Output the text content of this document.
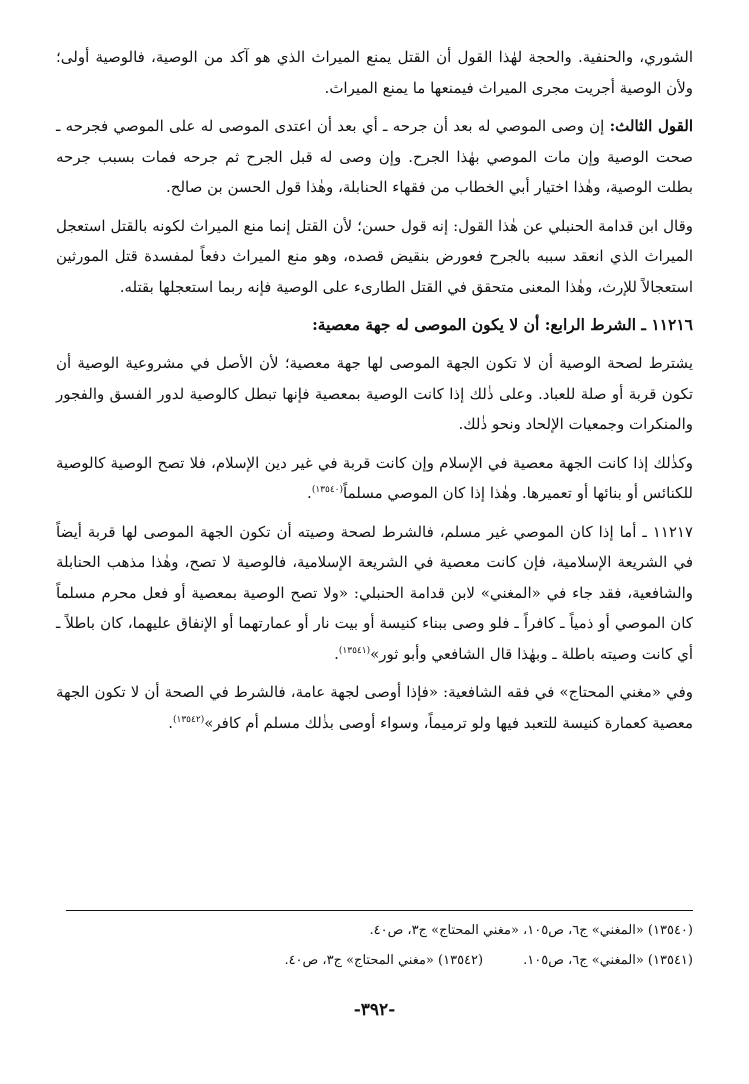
الشوري، والحنفية. والحجة لهٰذا القول أن القتل يمنع الميراث الذي هو آكد من الوصية، فالوصية أولى؛ ولأن الوصية أجريت مجرى الميراث فيمنعها ما يمنع الميراث.

القول الثالث: إن وصى الموصي له بعد أن جرحه ـ أي بعد أن اعتدى الموصى له على الموصي فجرحه ـ صحت الوصية وإن مات الموصي بهٰذا الجرح. وإن وصى له قبل الجرح ثم جرحه فمات بسبب جرحه بطلت الوصية، وهٰذا اختيار أبي الخطاب من فقهاء الحنابلة، وهٰذا قول الحسن بن صالح.

وقال ابن قدامة الحنبلي عن هٰذا القول: إنه قول حسن؛ لأن القتل إنما منع الميراث لكونه بالقتل استعجل الميراث الذي انعقد سببه بالجرح فعورض بنقيض قصده، وهو منع الميراث دفعاً لمفسدة قتل المورثين استعجالاً للإرث، وهٰذا المعنى متحقق في القتل الطارىء على الوصية فإنه ربما استعجلها بقتله.

١١٢١٦ ـ الشرط الرابع: أن لا يكون الموصى له جهة معصية:

يشترط لصحة الوصية أن لا تكون الجهة الموصى لها جهة معصية؛ لأن الأصل في مشروعية الوصية أن تكون قربة أو صلة للعباد. وعلى ذٰلك إذا كانت الوصية بمعصية فإنها تبطل كالوصية لدور الفسق والفجور والمنكرات وجمعيات الإلحاد ونحو ذٰلك.

وكذٰلك إذا كانت الجهة معصية في الإسلام وإن كانت قربة في غير دين الإسلام، فلا تصح الوصية كالوصية للكنائس أو بنائها أو تعميرها. وهٰذا إذا كان الموصي مسلماً$^{(١٣٥٤٠)}$.

١١٢١٧ ـ أما إذا كان الموصي غير مسلم، فالشرط لصحة وصيته أن تكون الجهة الموصى لها قربة أيضاً في الشريعة الإسلامية، فإن كانت معصية في الشريعة الإسلامية، فالوصية لا تصح، وهٰذا مذهب الحنابلة والشافعية، فقد جاء في «المغني» لابن قدامة الحنبلي: «ولا تصح الوصية بمعصية أو فعل محرم مسلماً كان الموصي أو ذمياً ـ كافراً ـ فلو وصى ببناء كنيسة أو بيت نار أو عمارتهما أو الإنفاق عليهما، كان باطلاً ـ أي كانت وصيته باطلة ـ وبهٰذا قال الشافعي وأبو ثور»$^{(١٣٥٤١)}$.

وفي «مغني المحتاج» في فقه الشافعية: «فإذا أوصى لجهة عامة، فالشرط في الصحة أن لا تكون الجهة معصية كعمارة كنيسة للتعبد فيها ولو ترميماً، وسواء أوصى بذٰلك مسلم أم كافر»$^{(١٣٥٤٢)}$.

(١٣٥٤٠) «المغني» ج٦، ص١٠٥، «مغني المحتاج» ج٣، ص٤٠.
(١٣٥٤١) «المغني» ج٦، ص١٠٥.
(١٣٥٤٢) «مغني المحتاج» ج٣، ص٤٠.
-٣٩٢-
